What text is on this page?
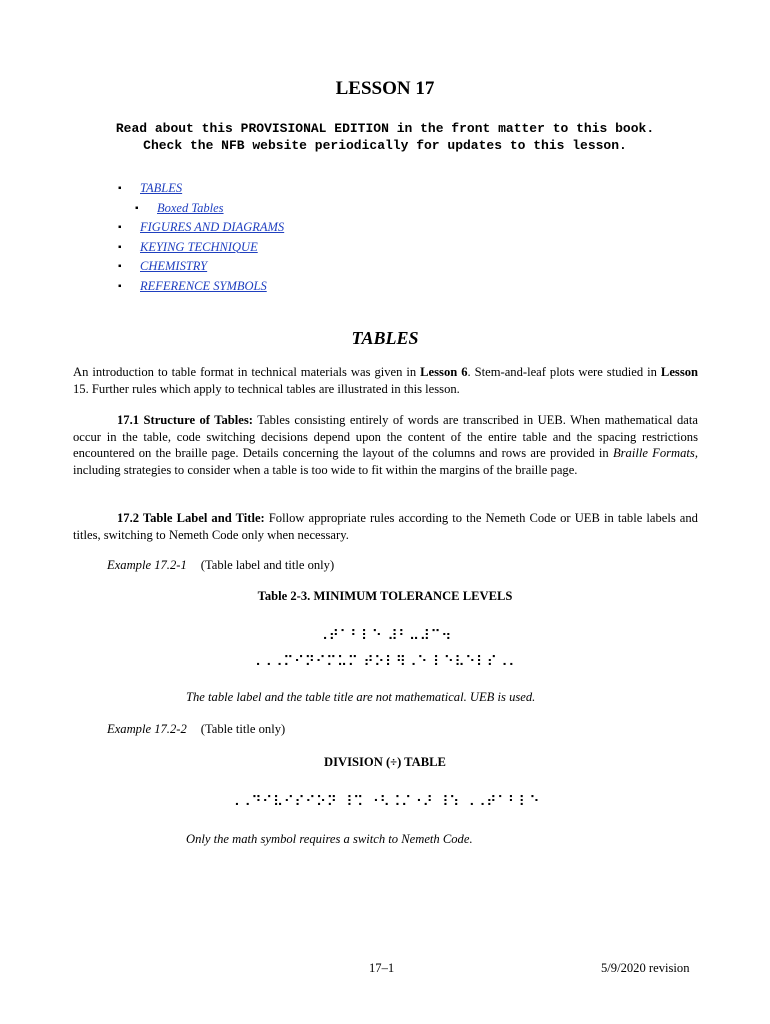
LESSON 17
Read about this PROVISIONAL EDITION in the front matter to this book.
Check the NFB website periodically for updates to this lesson.
▪ TABLES
▪ Boxed Tables
▪ FIGURES AND DIAGRAMS
▪ KEYING TECHNIQUE
▪ CHEMISTRY
▪ REFERENCE SYMBOLS
TABLES

An introduction to table format in technical materials was given in Lesson 6. Stem-and-leaf plots were studied in Lesson 15. Further rules which apply to technical tables are illustrated in this lesson.

17.1 Structure of Tables: Tables consisting entirely of words are transcribed in UEB. When mathematical data occur in the table, code switching decisions depend upon the content of the entire table and the spacing restrictions encountered on the braille page. Details concerning the layout of the columns and rows are provided in Braille Formats, including strategies to consider when a table is too wide to fit within the margins of the braille page.

17.2 Table Label and Title: Follow appropriate rules according to the Nemeth Code or UEB in table labels and titles, switching to Nemeth Code only when necessary.

Example 17.2-1 (Table label and title only)
Table 2-3. MINIMUM TOLERANCE LEVELS
⠠⠞⠁⠃⠇⠑ ⠼⠃⠤⠼⠉⠲
⠠⠠⠠⠍⠊⠝⠊⠍⠥⠍ ⠞⠕⠇⠻⠠⠑ ⠇⠑⠧⠑⠇⠎⠠⠄
The table label and the table title are not mathematical. UEB is used.
Example 17.2-2 (Table title only)
DIVISION (÷) TABLE
⠠⠠⠙⠊⠧⠊⠎⠊⠕⠝ ⠸⠩ ⠐⠣⠨⠌⠐⠜ ⠸⠱ ⠠⠠⠞⠁⠃⠇⠑
Only the math symbol requires a switch to Nemeth Code.
17–1	5/9/2020 revision
